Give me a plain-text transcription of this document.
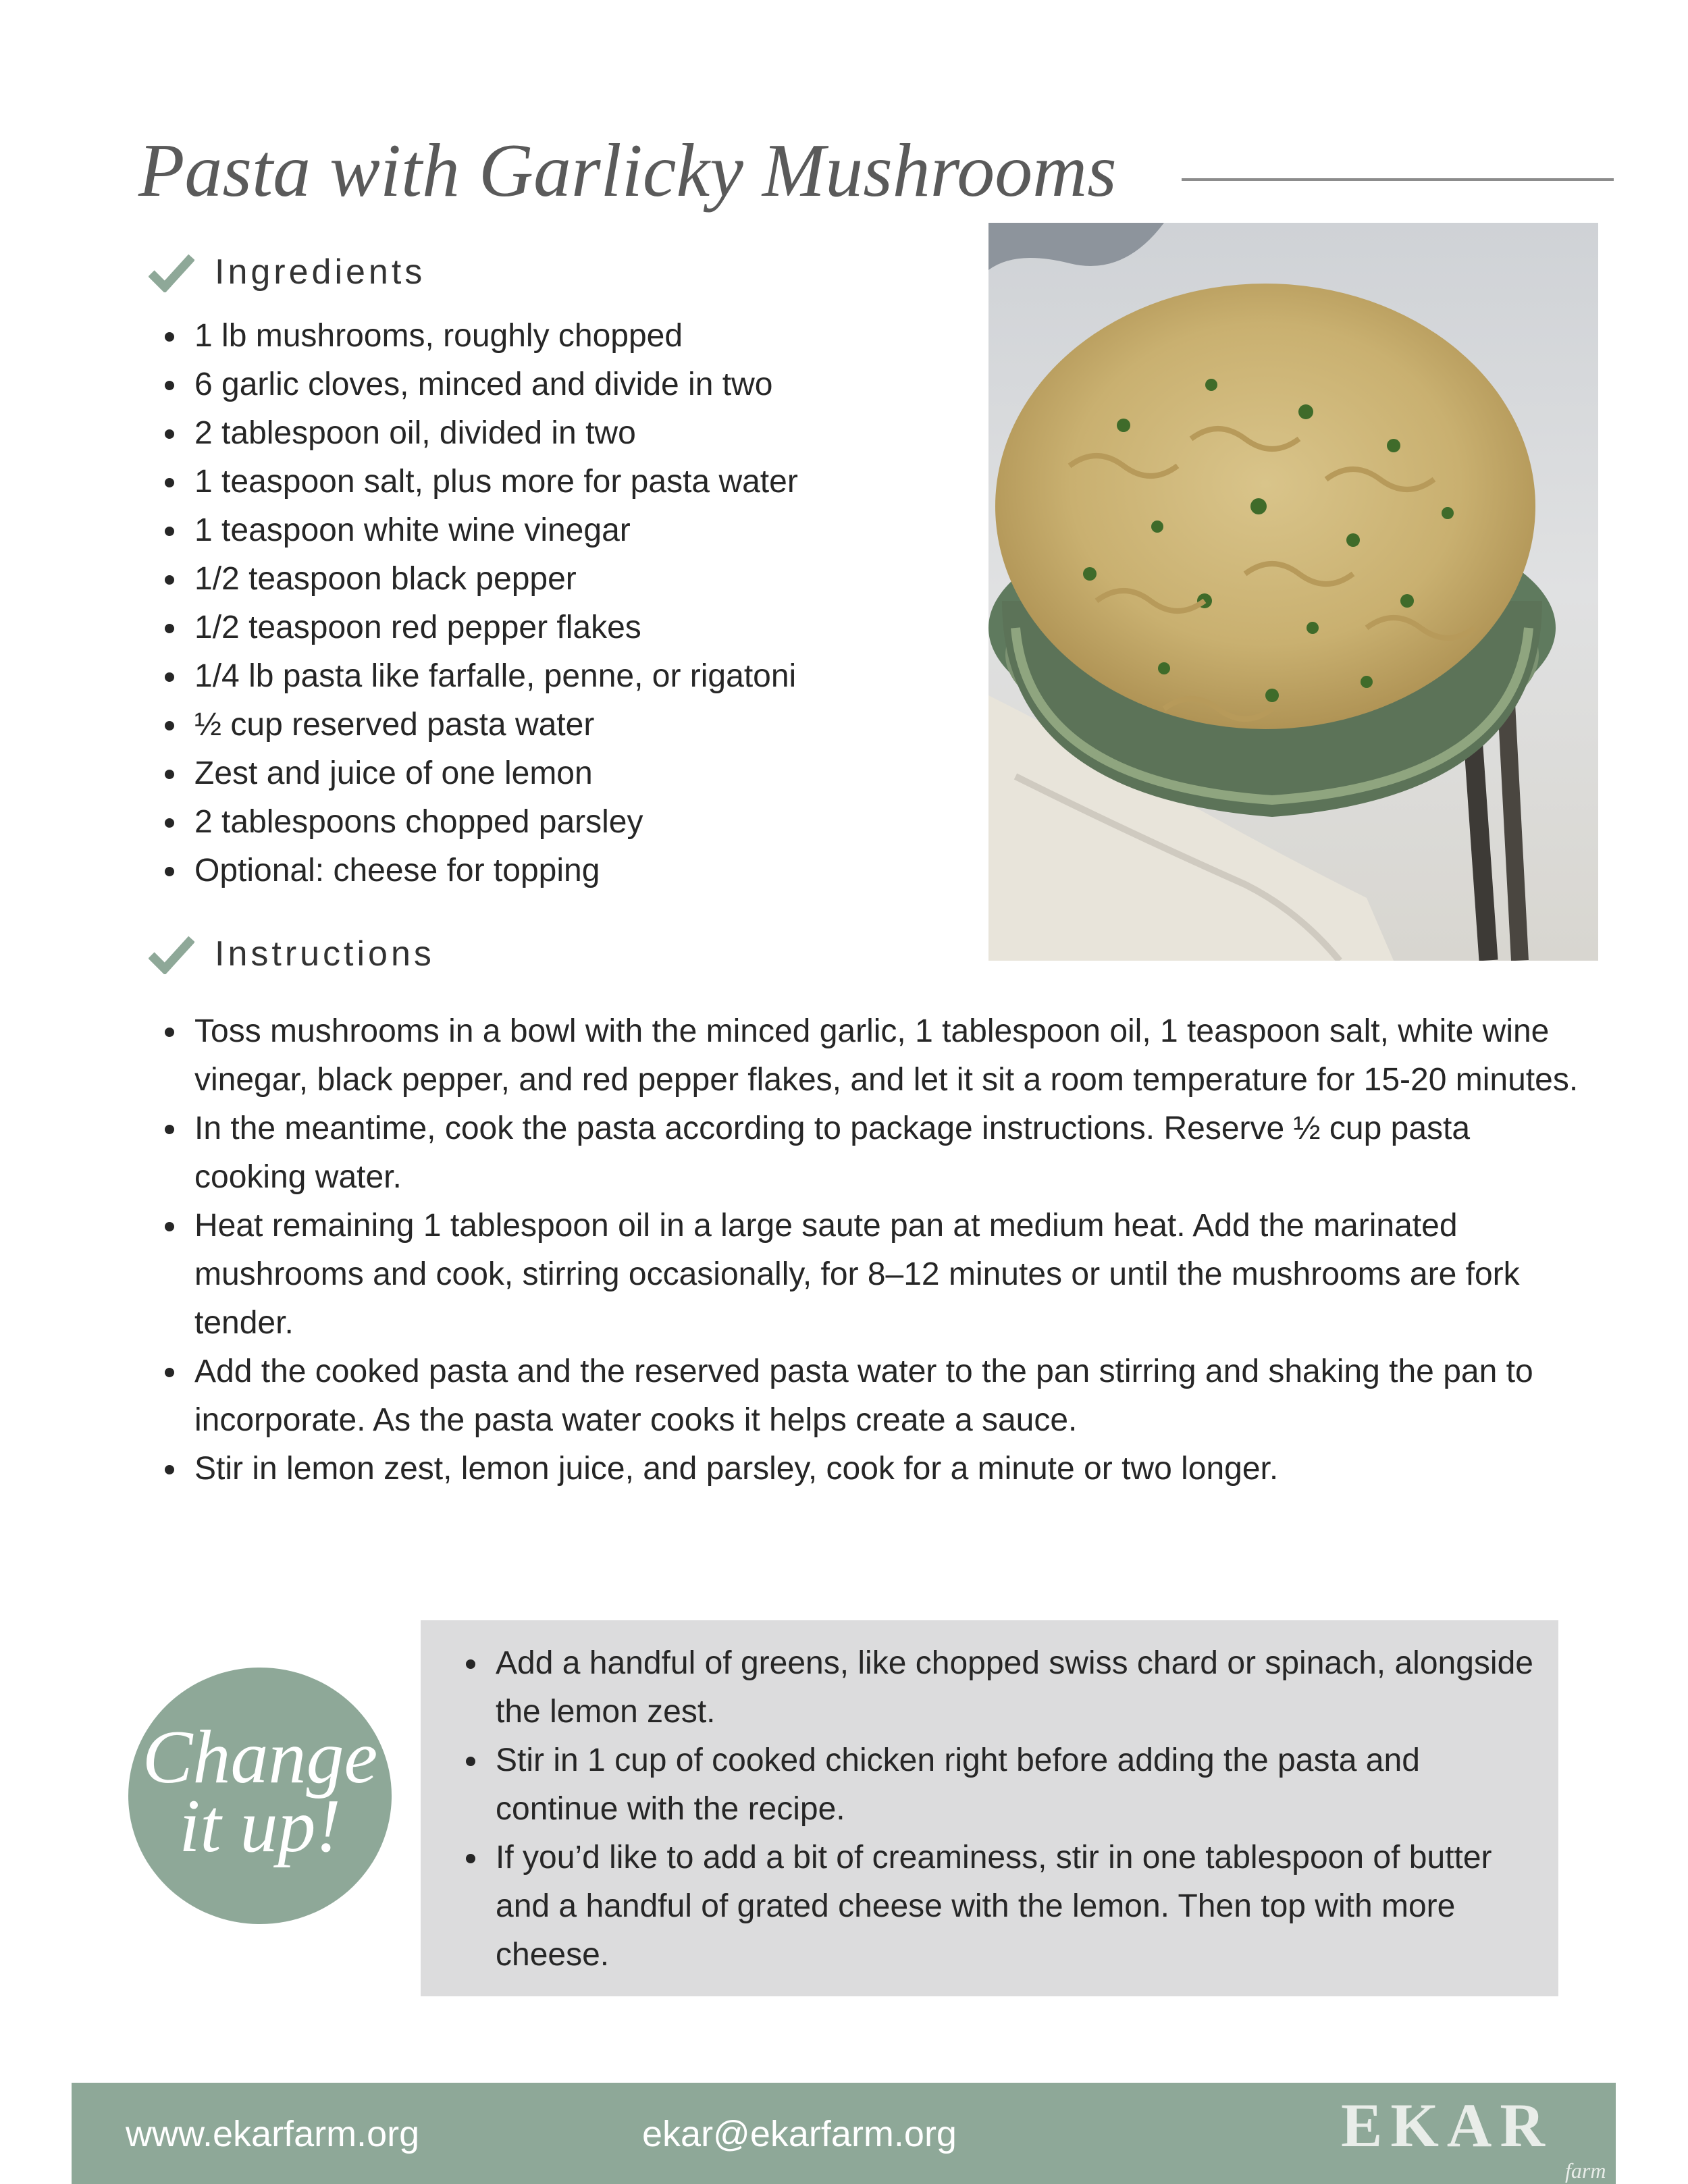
Pasta with Garlicky Mushrooms
Ingredients
1 lb mushrooms, roughly chopped
6 garlic cloves, minced and divide in two
2 tablespoon oil, divided in two
1 teaspoon salt, plus more for pasta water
1 teaspoon white wine vinegar
1/2 teaspoon black pepper
1/2 teaspoon red pepper flakes
1/4 lb pasta like farfalle, penne, or rigatoni
½ cup reserved pasta water
Zest and juice of one lemon
2 tablespoons chopped parsley
Optional: cheese for topping
Instructions
Toss mushrooms in a bowl with the minced garlic, 1 tablespoon oil, 1 teaspoon salt, white wine vinegar, black pepper, and red pepper flakes, and let it sit a room temperature for 15-20 minutes.
In the meantime, cook the pasta according to package instructions. Reserve ½ cup pasta cooking water.
Heat remaining 1 tablespoon oil in a large saute pan at medium heat. Add the marinated mushrooms and cook, stirring occasionally, for 8–12 minutes or until the mushrooms are fork tender.
Add the cooked pasta and the reserved pasta water to the pan stirring and shaking the pan to incorporate. As the pasta water cooks it helps create a sauce.
Stir in lemon zest, lemon juice, and parsley, cook for a minute or two longer.
Add a handful of greens, like chopped swiss chard or spinach, alongside the lemon zest.
Stir in 1 cup of cooked chicken right before adding the pasta and continue with the recipe.
If you’d like to add a bit of creaminess, stir in one tablespoon of butter and a handful of grated cheese with the lemon. Then top with more cheese.
Change
it up!
www.ekarfarm.org	ekar@ekarfarm.org	EKAR
farm
